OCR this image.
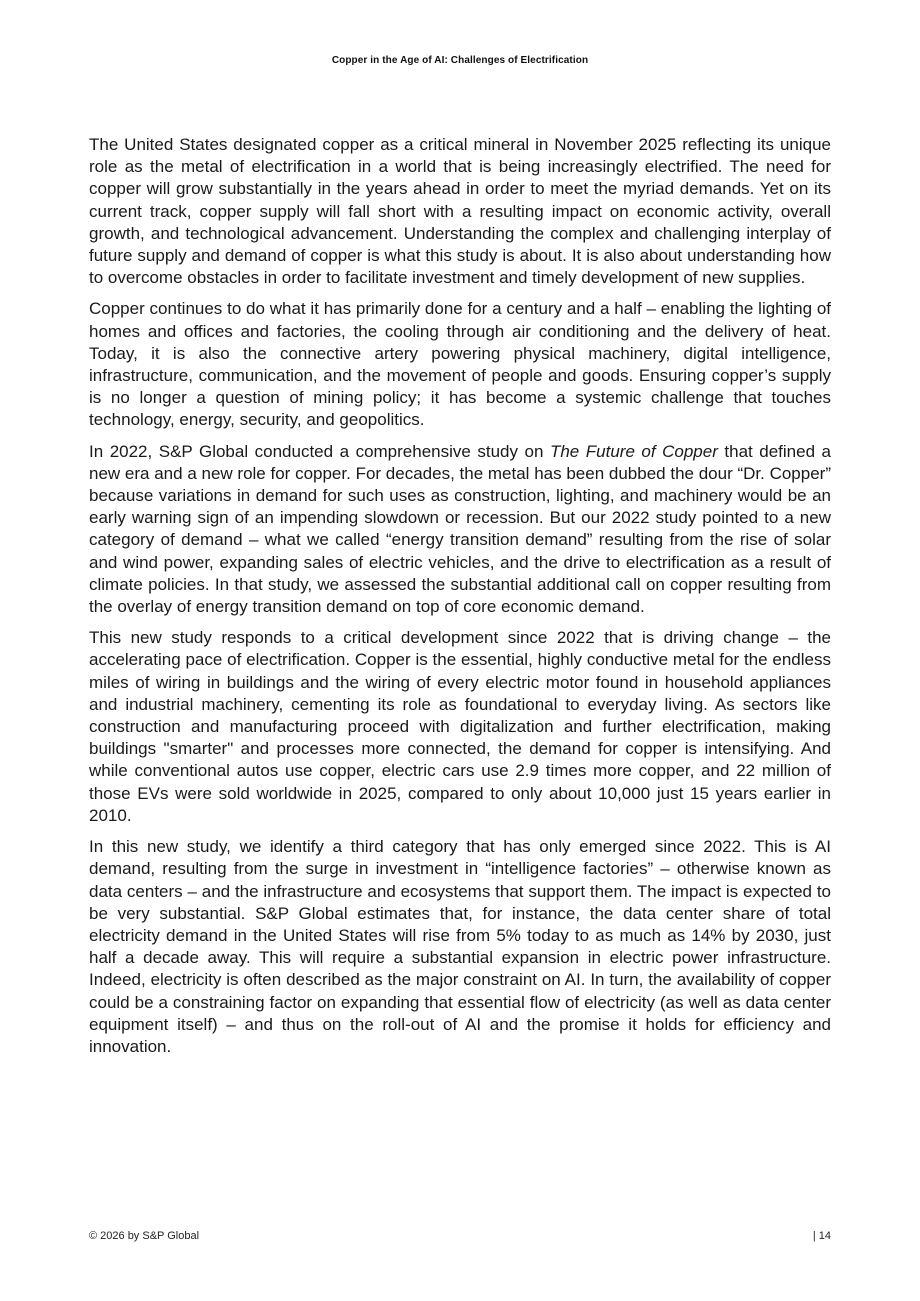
Copper in the Age of AI: Challenges of Electrification

The United States designated copper as a critical mineral in November 2025 reflecting its unique role as the metal of electrification in a world that is being increasingly electrified. The need for copper will grow substantially in the years ahead in order to meet the myriad demands. Yet on its current track, copper supply will fall short with a resulting impact on economic activity, overall growth, and technological advancement. Understanding the complex and challenging interplay of future supply and demand of copper is what this study is about. It is also about understanding how to overcome obstacles in order to facilitate investment and timely development of new supplies.

Copper continues to do what it has primarily done for a century and a half – enabling the lighting of homes and offices and factories, the cooling through air conditioning and the delivery of heat. Today, it is also the connective artery powering physical machinery, digital intelligence, infrastructure, communication, and the movement of people and goods. Ensuring copper’s supply is no longer a question of mining policy; it has become a systemic challenge that touches technology, energy, security, and geopolitics.

In 2022, S&P Global conducted a comprehensive study on The Future of Copper that defined a new era and a new role for copper. For decades, the metal has been dubbed the dour “Dr. Copper” because variations in demand for such uses as construction, lighting, and machinery would be an early warning sign of an impending slowdown or recession. But our 2022 study pointed to a new category of demand – what we called “energy transition demand” resulting from the rise of solar and wind power, expanding sales of electric vehicles, and the drive to electrification as a result of climate policies. In that study, we assessed the substantial additional call on copper resulting from the overlay of energy transition demand on top of core economic demand.

This new study responds to a critical development since 2022 that is driving change – the accelerating pace of electrification. Copper is the essential, highly conductive metal for the endless miles of wiring in buildings and the wiring of every electric motor found in household appliances and industrial machinery, cementing its role as foundational to everyday living. As sectors like construction and manufacturing proceed with digitalization and further electrification, making buildings "smarter" and processes more connected, the demand for copper is intensifying. And while conventional autos use copper, electric cars use 2.9 times more copper, and 22 million of those EVs were sold worldwide in 2025, compared to only about 10,000 just 15 years earlier in 2010.

In this new study, we identify a third category that has only emerged since 2022. This is AI demand, resulting from the surge in investment in “intelligence factories” – otherwise known as data centers – and the infrastructure and ecosystems that support them. The impact is expected to be very substantial. S&P Global estimates that, for instance, the data center share of total electricity demand in the United States will rise from 5% today to as much as 14% by 2030, just half a decade away. This will require a substantial expansion in electric power infrastructure. Indeed, electricity is often described as the major constraint on AI. In turn, the availability of copper could be a constraining factor on expanding that essential flow of electricity (as well as data center equipment itself) – and thus on the roll-out of AI and the promise it holds for efficiency and innovation.

© 2026 by S&P Global	| 14
